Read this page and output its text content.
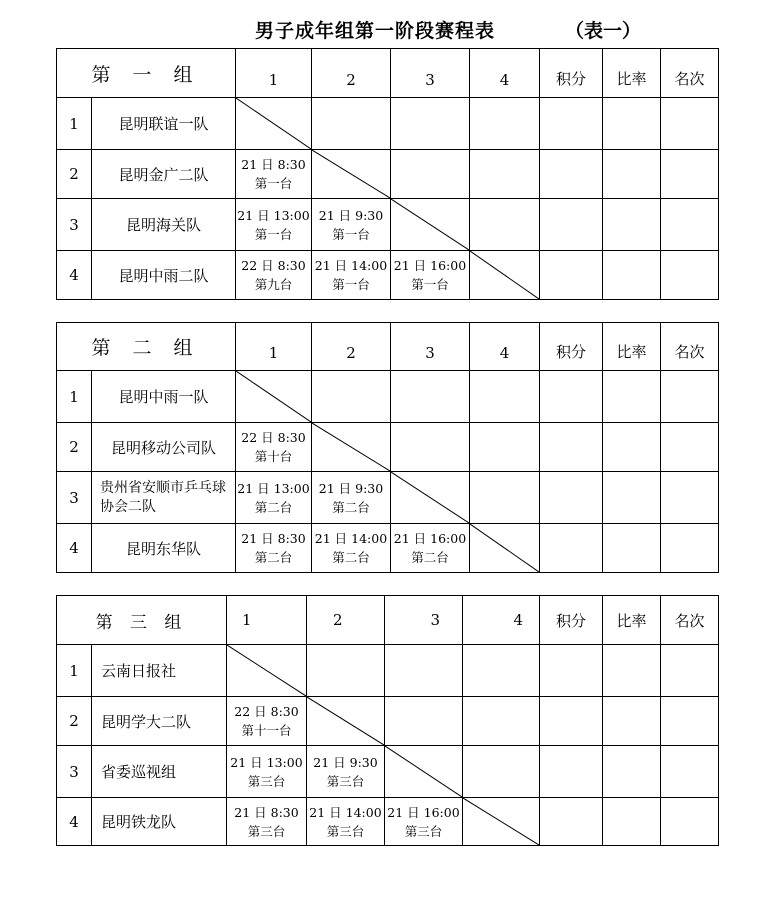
男子成年组第一阶段赛程表	（表一）
第 一 组		1	2	3	4	积分	比率	名次
1	昆明联谊一队	

2	昆明金广二队	21 日 8:30
第一台

3	昆明海关队	21 日 13:00
第一台	21 日 9:30
第一台

4	昆明中雨二队	22 日 8:30
第九台	21 日 14:00
第一台	21 日 16:00
第一台

第 二 组		1	2	3	4	积分	比率	名次
1	昆明中雨一队	

2	昆明移动公司队	22 日 8:30
第十台

3	贵州省安顺市乒乓球协会二队	21 日 13:00
第二台	21 日 9:30
第二台

4	昆明东华队	21 日 8:30
第二台	21 日 14:00
第二台	21 日 16:00
第二台

第 三 组		1	2	3	4	积分	比率	名次
1	云南日报社	

2	昆明学大二队	22 日 8:30
第十一台

3	省委巡视组	21 日 13:00
第三台	21 日 9:30
第三台

4	昆明铁龙队	21 日 8:30
第三台	21 日 14:00
第三台	21 日 16:00
第三台
